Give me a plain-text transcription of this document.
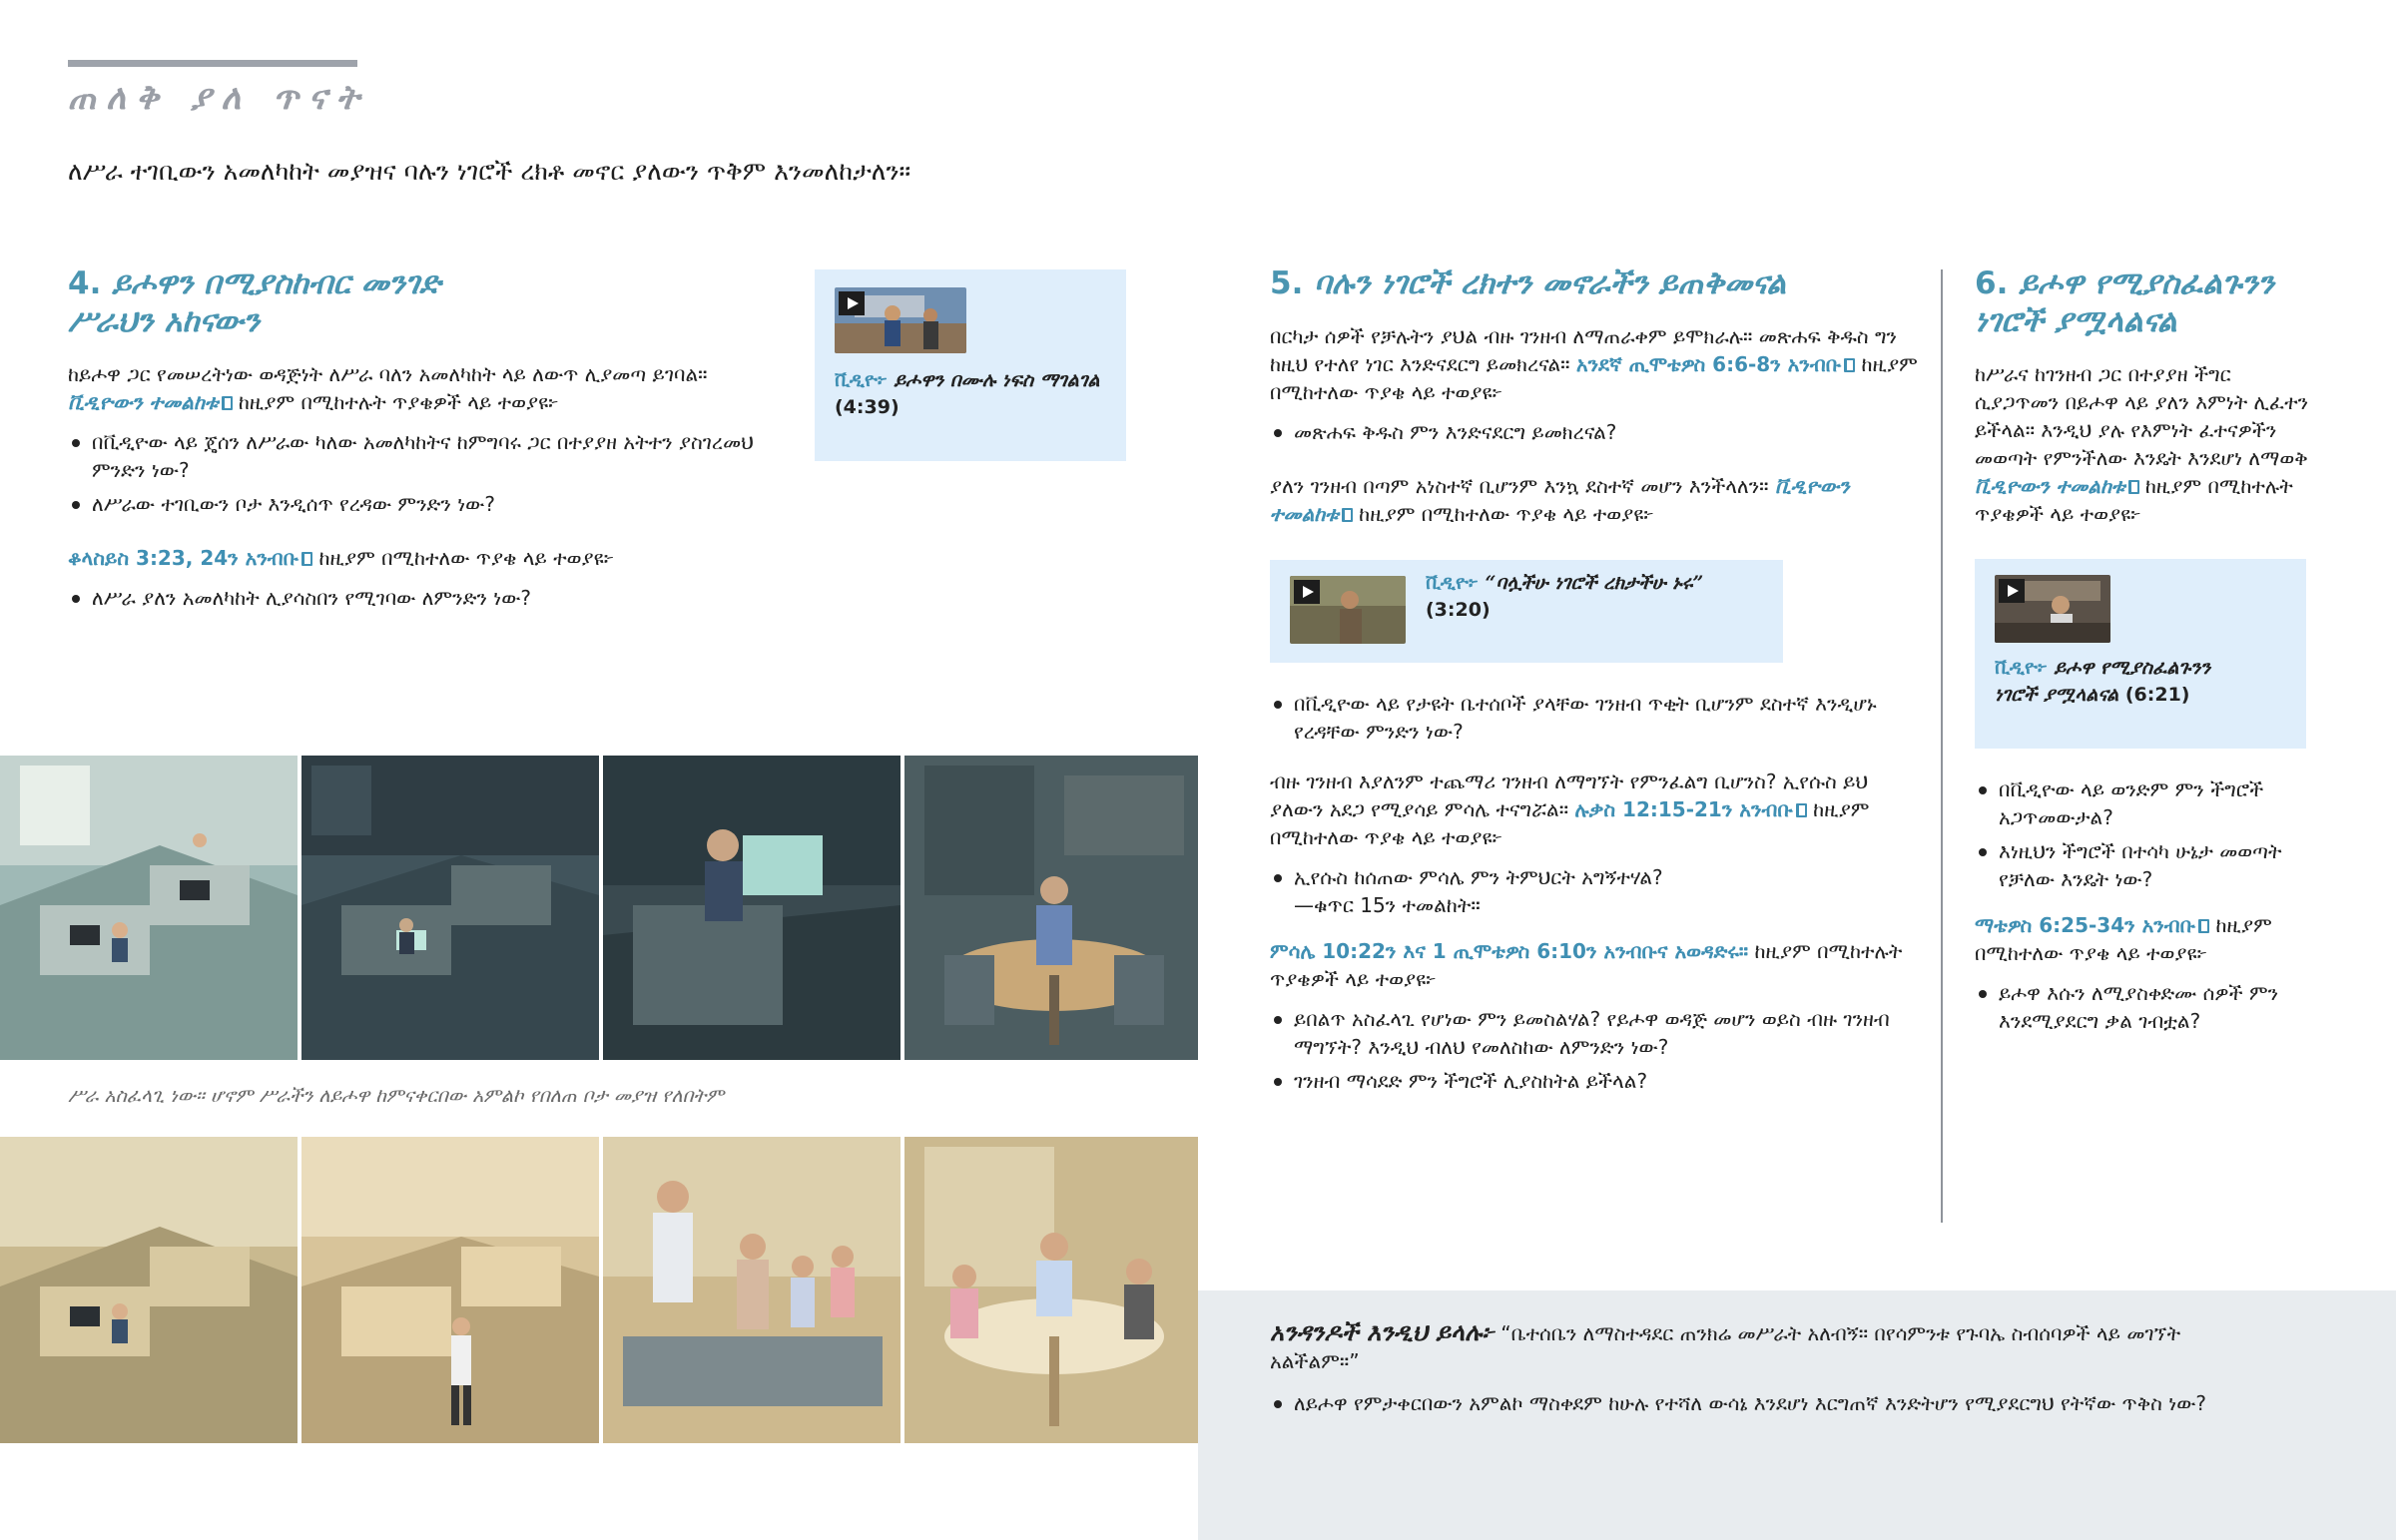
ጠለቅ ያለ ጥናት
ለሥራ ተገቢውን አመለካከት መያዝና ባሉን ነገሮች ረክቶ መኖር ያለውን ጥቅም እንመለከታለን።
4. ይሖዋን በሚያስከብር መንገድ
ሥራህን አከናውን

ከይሖዋ ጋር የመሠረትነው ወዳጅነት ለሥራ ባለን አመለካከት ላይ ለውጥ ሊያመጣ ይገባል። ቪዲዮውን ተመልከቱ ከዚያም በሚከተሉት ጥያቄዎች ላይ ተወያዩ፦

በቪዲዮው ላይ ጄሰን ለሥራው ካለው አመለካከትና ከምግባሩ ጋር በተያያዘ አትተን ያስገረመህ ምንድን ነው?
ለሥራው ተገቢውን ቦታ እንዲሰጥ የረዳው ምንድን ነው?

ቆላስይስ 3:23, 24ን አንብቡ ከዚያም በሚከተለው ጥያቄ ላይ ተወያዩ፦

ለሥራ ያለን አመለካከት ሊያሳስበን የሚገባው ለምንድን ነው?
ቪዲዮ፦ ይሖዋን በሙሉ ነፍስ ማገልገል (4:39)
ሥራ አስፈላጊ ነው። ሆኖም ሥራችን ለይሖዋ ከምናቀርበው አምልኮ የበለጠ ቦታ መያዝ የለበትም
5. ባሉን ነገሮች ረክተን መኖራችን ይጠቅመናል

በርካታ ሰዎች የቻሉትን ያህል ብዙ ገንዘብ ለማጠራቀም ይሞክራሉ። መጽሐፍ ቅዱስ ግን ከዚህ የተለየ ነገር እንድናደርግ ይመክረናል። አንደኛ ጢሞቴዎስ 6:6-8ን አንብቡ ከዚያም በሚከተለው ጥያቄ ላይ ተወያዩ፦

መጽሐፍ ቅዱስ ምን እንድናደርግ ይመክረናል?

ያለን ገንዘብ በጣም አነስተኛ ቢሆንም እንኳ ደስተኛ መሆን እንችላለን። ቪዲዮውን ተመልከቱ ከዚያም በሚከተለው ጥያቄ ላይ ተወያዩ፦

ቪዲዮ፦ “ባሏችሁ ነገሮች ረክታችሁ ኑሩ”
(3:20)
በቪዲዮው ላይ የታዩት ቤተሰቦች ያላቸው ገንዘብ ጥቂት ቢሆንም ደስተኛ እንዲሆኑ የረዳቸው ምንድን ነው?

ብዙ ገንዘብ እያለንም ተጨማሪ ገንዘብ ለማግኘት የምንፈልግ ቢሆንስ? ኢየሱስ ይህ ያለውን አደጋ የሚያሳይ ምሳሌ ተናግሯል። ሉቃስ 12:15-21ን አንብቡ ከዚያም በሚከተለው ጥያቄ ላይ ተወያዩ፦

ኢየሱስ ከሰጠው ምሳሌ ምን ትምህርት አግኝተሃል?
—ቁጥር 15ን ተመልከት።

ምሳሌ 10:22ን እና 1 ጢሞቴዎስ 6:10ን አንብቡና አወዳድሩ። ከዚያም በሚከተሉት ጥያቄዎች ላይ ተወያዩ፦

ይበልጥ አስፈላጊ የሆነው ምን ይመስልሃል? የይሖዋ ወዳጅ መሆን ወይስ ብዙ ገንዘብ ማግኘት? እንዲህ ብለህ የመለስከው ለምንድን ነው?
ገንዘብ ማሳደድ ምን ችግሮች ሊያስከትል ይችላል?
6. ይሖዋ የሚያስፈልጉንን
ነገሮች ያሟላልናል

ከሥራና ከገንዘብ ጋር በተያያዘ ችግር ሲያጋጥመን በይሖዋ ላይ ያለን እምነት ሊፈተን ይችላል። እንዲህ ያሉ የእምነት ፈተናዎችን መወጣት የምንችለው እንዴት እንደሆነ ለማወቅ ቪዲዮውን ተመልከቱ ከዚያም በሚከተሉት ጥያቄዎች ላይ ተወያዩ፦

ቪዲዮ፦ ይሖዋ የሚያስፈልጉንን
ነገሮች ያሟላልናል (6:21)
በቪዲዮው ላይ ወንድም ምን ችግሮች አጋጥመውታል?
እነዚህን ችግሮች በተሳካ ሁኔታ መወጣት የቻለው እንዴት ነው?

ማቴዎስ 6:25-34ን አንብቡ ከዚያም በሚከተለው ጥያቄ ላይ ተወያዩ፦

ይሖዋ እሱን ለሚያስቀድሙ ሰዎች ምን እንደሚያደርግ ቃል ገብቷል?

አንዳንዶች እንዲህ ይላሉ፦ “ቤተሰቤን ለማስተዳደር ጠንክሬ መሥራት አለብኝ። በየሳምንቱ የጉባኤ ስብሰባዎች ላይ መገኘት አልችልም።”

ለይሖዋ የምታቀርበውን አምልኮ ማስቀደም ከሁሉ የተሻለ ውሳኔ እንደሆነ እርግጠኛ እንድትሆን የሚያደርግህ የትኛው ጥቅስ ነው?
